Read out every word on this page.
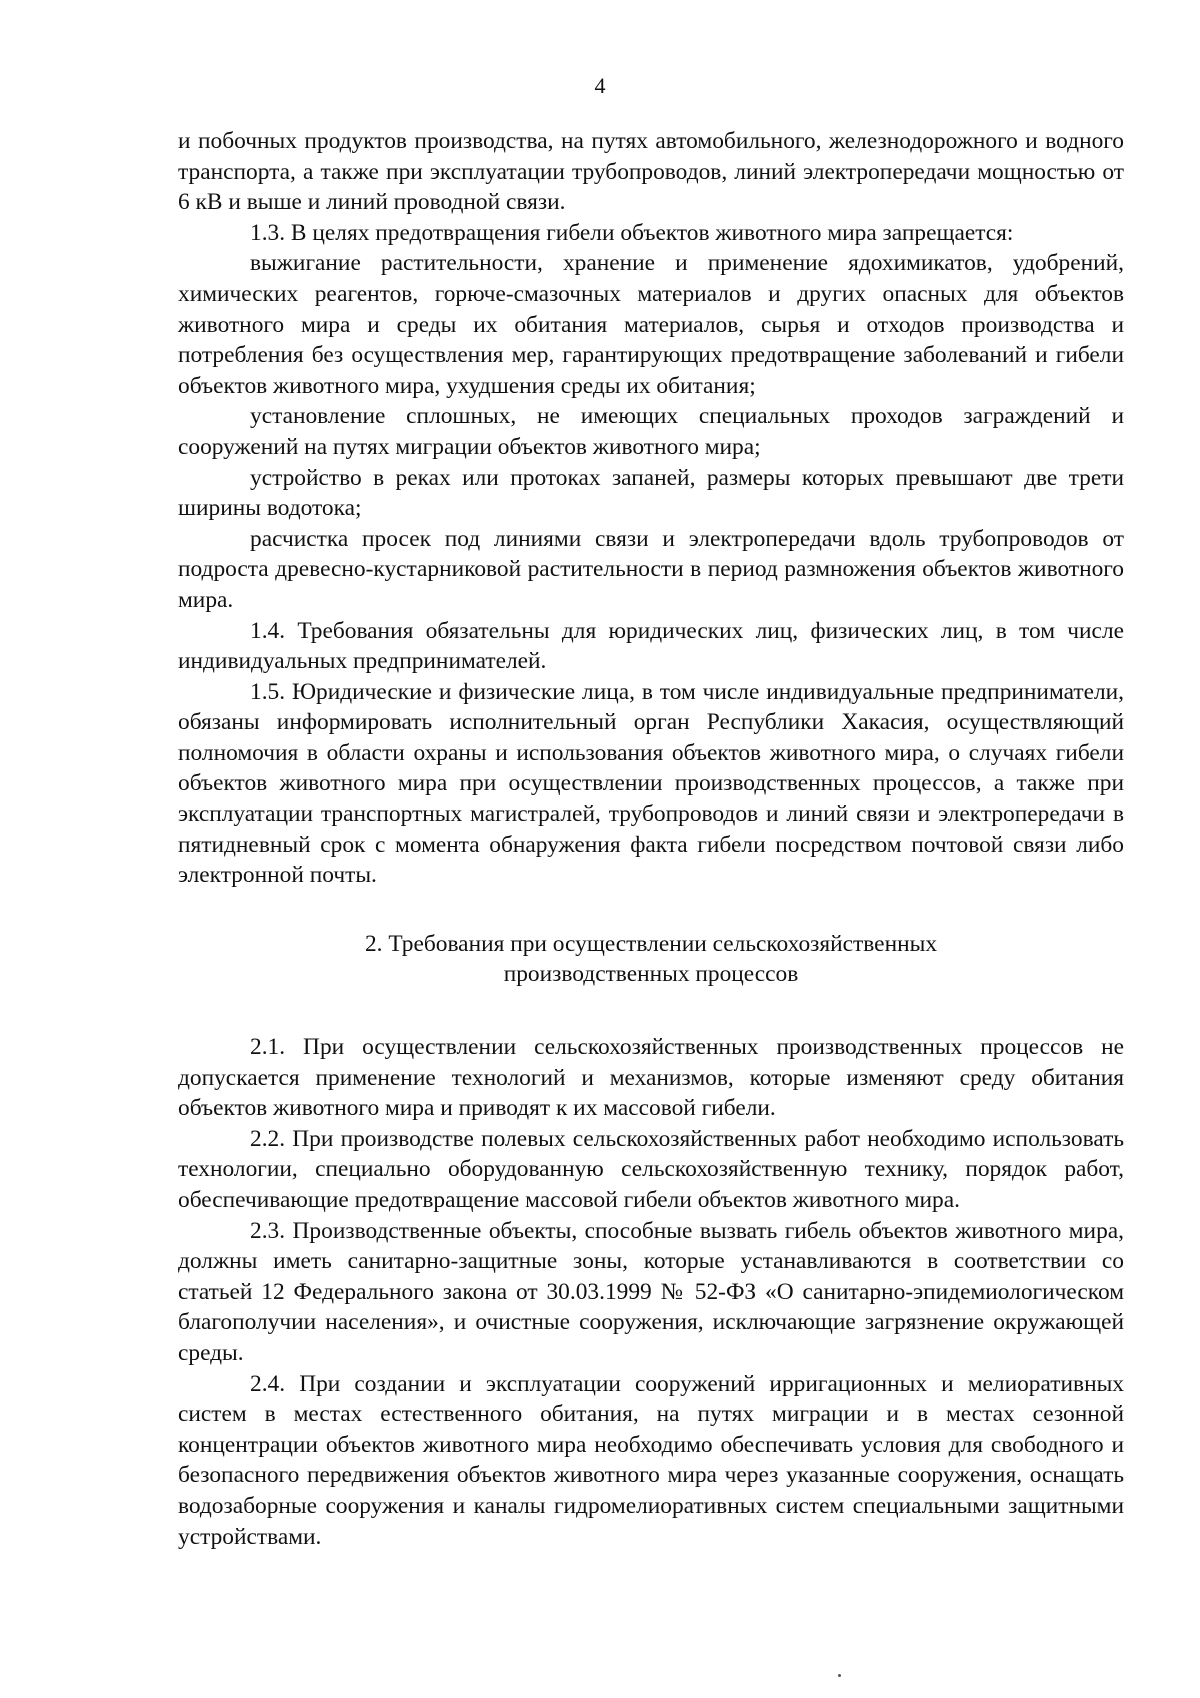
4

и побочных продуктов производства, на путях автомобильного, железнодорожного и водного транспорта, а также при эксплуатации трубопроводов, линий электропередачи мощностью от 6 кВ и выше и линий проводной связи.

1.3. В целях предотвращения гибели объектов животного мира запрещается:

выжигание растительности, хранение и применение ядохимикатов, удобрений, химических реагентов, горюче-смазочных материалов и других опасных для объектов животного мира и среды их обитания материалов, сырья и отходов производства и потребления без осуществления мер, гарантирующих предотвращение заболеваний и гибели объектов животного мира, ухудшения среды их обитания;

установление сплошных, не имеющих специальных проходов заграждений и сооружений на путях миграции объектов животного мира;

устройство в реках или протоках запаней, размеры которых превышают две трети ширины водотока;

расчистка просек под линиями связи и электропередачи вдоль трубопроводов от подроста древесно-кустарниковой растительности в период размножения объектов животного мира.

1.4. Требования обязательны для юридических лиц, физических лиц, в том числе индивидуальных предпринимателей.

1.5. Юридические и физические лица, в том числе индивидуальные предприниматели, обязаны информировать исполнительный орган Республики Хакасия, осуществляющий полномочия в области охраны и использования объектов животного мира, о случаях гибели объектов животного мира при осуществлении производственных процессов, а также при эксплуатации транспортных магистралей, трубопроводов и линий связи и электропередачи в пятидневный срок с момента обнаружения факта гибели посредством почтовой связи либо электронной почты.

2. Требования при осуществлении сельскохозяйственных
производственных процессов

2.1. При осуществлении сельскохозяйственных производственных процессов не допускается применение технологий и механизмов, которые изменяют среду обитания объектов животного мира и приводят к их массовой гибели.

2.2. При производстве полевых сельскохозяйственных работ необходимо использовать технологии, специально оборудованную сельскохозяйственную технику, порядок работ, обеспечивающие предотвращение массовой гибели объектов животного мира.

2.3. Производственные объекты, способные вызвать гибель объектов животного мира, должны иметь санитарно-защитные зоны, которые устанавливаются в соответствии со статьей 12 Федерального закона от 30.03.1999 № 52-ФЗ «О санитарно-эпидемиологическом благополучии населения», и очистные сооружения, исключающие загрязнение окружающей среды.

2.4. При создании и эксплуатации сооружений ирригационных и мелиоративных систем в местах естественного обитания, на путях миграции и в местах сезонной концентрации объектов животного мира необходимо обеспечивать условия для свободного и безопасного передвижения объектов животного мира через указанные сооружения, оснащать водозаборные сооружения и каналы гидромелиоративных систем специальными защитными устройствами.
